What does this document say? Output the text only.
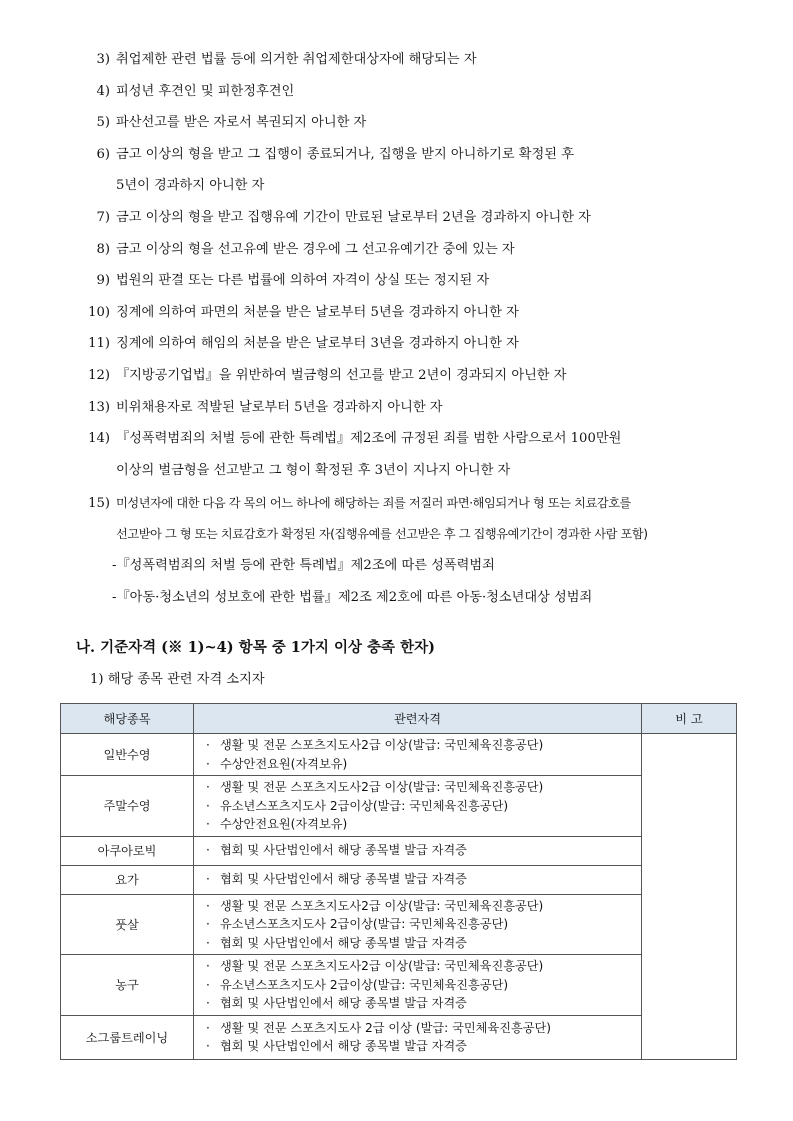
3) 취업제한 관련 법률 등에 의거한 취업제한대상자에 해당되는 자
4) 피성년 후견인 및 피한정후견인
5) 파산선고를 받은 자로서 복권되지 아니한 자
6) 금고 이상의 형을 받고 그 집행이 종료되거나, 집행을 받지 아니하기로 확정된 후
5년이 경과하지 아니한 자
7) 금고 이상의 형을 받고 집행유예 기간이 만료된 날로부터 2년을 경과하지 아니한 자
8) 금고 이상의 형을 선고유예 받은 경우에 그 선고유예기간 중에 있는 자
9) 법원의 판결 또는 다른 법률에 의하여 자격이 상실 또는 정지된 자
10) 징계에 의하여 파면의 처분을 받은 날로부터 5년을 경과하지 아니한 자
11) 징계에 의하여 해임의 처분을 받은 날로부터 3년을 경과하지 아니한 자
12) 『지방공기업법』을 위반하여 벌금형의 선고를 받고 2년이 경과되지 아닌한 자
13) 비위채용자로 적발된 날로부터 5년을 경과하지 아니한 자
14) 『성폭력범죄의 처벌 등에 관한 특례법』제2조에 규정된 죄를 범한 사람으로서 100만원
이상의 벌금형을 선고받고 그 형이 확정된 후 3년이 지나지 아니한 자
15) 미성년자에 대한 다음 각 목의 어느 하나에 해당하는 죄를 저질러 파면·해임되거나 형 또는 치료감호를
선고받아 그 형 또는 치료감호가 확정된 자(집행유예를 선고받은 후 그 집행유예기간이 경과한 사람 포함)
-『성폭력범죄의 처벌 등에 관한 특례법』제2조에 따른 성폭력범죄
-『아동·청소년의 성보호에 관한 법률』제2조 제2호에 따른 아동·청소년대상 성범죄
나. 기준자격 (※ 1)~4) 항목 중 1가지 이상 충족 한자)
1) 해당 종목 관련 자격 소지자
해당종목	관련자격	비 고
일반수영	· 생활 및 전문 스포츠지도사2급 이상(발급: 국민체육진흥공단)
· 수상안전요원(자격보유)	

주말수영	· 생활 및 전문 스포츠지도사2급 이상(발급: 국민체육진흥공단)
· 유소년스포츠지도사 2급이상(발급: 국민체육진흥공단)
· 수상안전요원(자격보유)	

아쿠아로빅	· 협회 및 사단법인에서 해당 종목별 발급 자격증	

요가	· 협회 및 사단법인에서 해당 종목별 발급 자격증	

풋살	· 생활 및 전문 스포츠지도사2급 이상(발급: 국민체육진흥공단)
· 유소년스포츠지도사 2급이상(발급: 국민체육진흥공단)
· 협회 및 사단법인에서 해당 종목별 발급 자격증	

농구	· 생활 및 전문 스포츠지도사2급 이상(발급: 국민체육진흥공단)
· 유소년스포츠지도사 2급이상(발급: 국민체육진흥공단)
· 협회 및 사단법인에서 해당 종목별 발급 자격증	

소그룹트레이닝	· 생활 및 전문 스포츠지도사 2급 이상 (발급: 국민체육진흥공단)
· 협회 및 사단법인에서 해당 종목별 발급 자격증	
